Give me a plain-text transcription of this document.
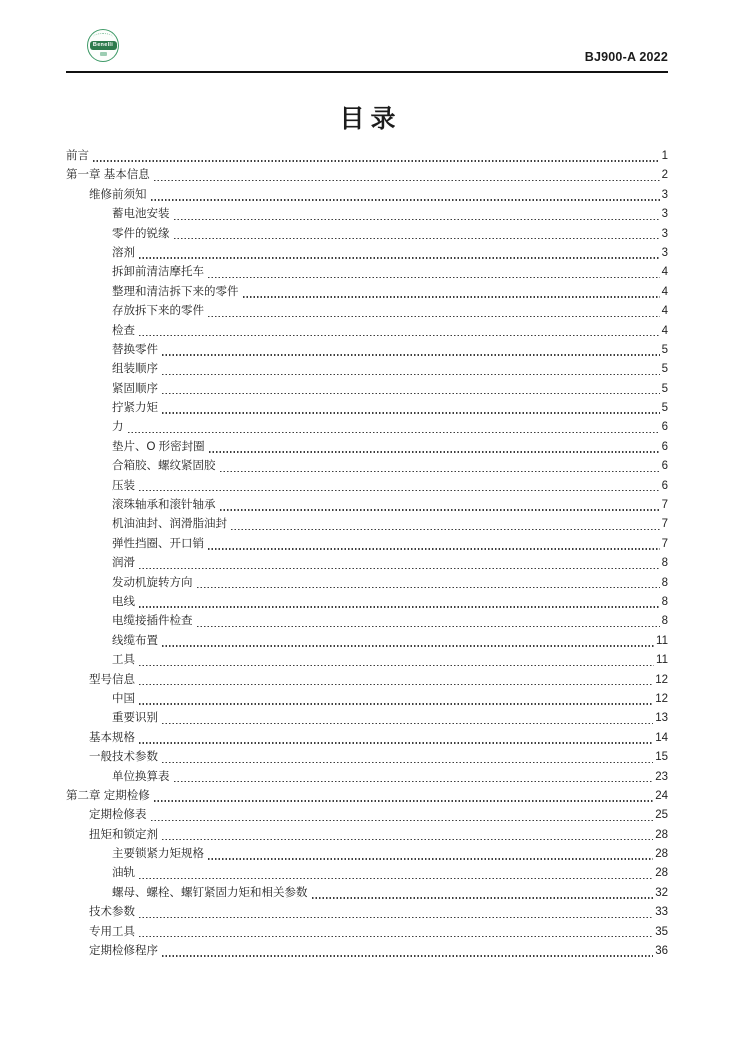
Benelli
BJ900-A 2022
目录
前言	1
第一章 基本信息	2
维修前须知	3
蓄电池安装	3
零件的锐缘	3
溶剂	3
拆卸前清洁摩托车	4
整理和清洁拆下来的零件	4
存放拆下来的零件	4
检查	4
替换零件	5
组装顺序	5
紧固顺序	5
拧紧力矩	5
力	6
垫片、O 形密封圈	6
合箱胶、螺纹紧固胶	6
压装	6
滚珠轴承和滚针轴承	7
机油油封、润滑脂油封	7
弹性挡圈、开口销	7
润滑	8
发动机旋转方向	8
电线	8
电缆接插件检查	8
线缆布置	11
工具	11
型号信息	12
中国	12
重要识别	13
基本规格	14
一般技术参数	15
单位换算表	23
第二章 定期检修	24
定期检修表	25
扭矩和锁定剂	28
主要锁紧力矩规格	28
油轨	28
螺母、螺栓、螺钉紧固力矩和相关参数	32
技术参数	33
专用工具	35
定期检修程序	36
